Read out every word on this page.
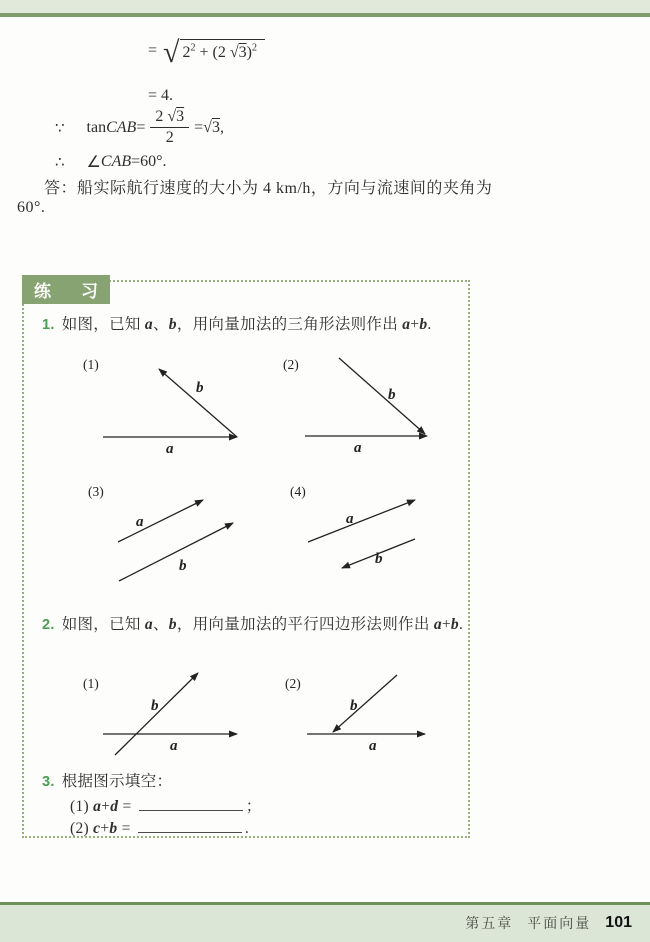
= √ $2^2 + (2$ √3)$^2$
= 4.
∵ tan CAB = $\frac{2 √3}{2} = √3$ ,
∴ ∠ CAB =60°.
答：船实际航行速度的大小为 4 km/h，方向与流速间的夹角为
60°.
练 习
1. 如图，已知 a、b，用向量加法的三角形法则作出 a+b.
2. 如图，已知 a、b，用向量加法的平行四边形法则作出 a+b.
3. 根据图示填空：
(1) a+d =	；
(2) c+b =	.
(1)
a
b
(2)
a
b
(3)
a
b
(4)
a
b
(1)
a
b
(2)
a
b
第五章 平面向量 101
